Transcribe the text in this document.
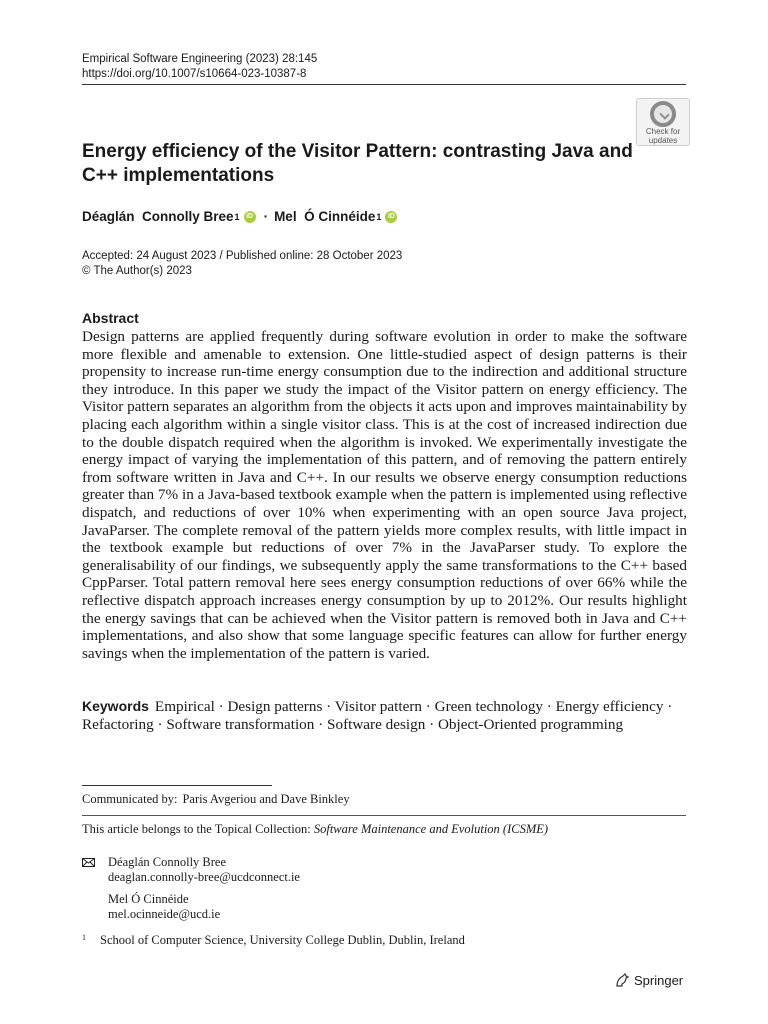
Empirical Software Engineering (2023) 28:145
https://doi.org/10.1007/s10664-023-10387-8
Check for
updates
Energy efficiency of the Visitor Pattern: contrasting Java and C++ implementations
Déaglán  Connolly Bree 1 iD · Mel  Ó Cinnéide 1 iD
Accepted: 24 August 2023 / Published online: 28 October 2023
© The Author(s) 2023
Abstract

Design patterns are applied frequently during software evolution in order to make the software more flexible and amenable to extension. One little-studied aspect of design patterns is their propensity to increase run-time energy consumption due to the indirection and additional structure they introduce. In this paper we study the impact of the Visitor pattern on energy efficiency. The Visitor pattern separates an algorithm from the objects it acts upon and improves maintainability by placing each algorithm within a single visitor class. This is at the cost of increased indirection due to the double dispatch required when the algorithm is invoked. We experimentally investigate the energy impact of varying the implementation of this pattern, and of removing the pattern entirely from software written in Java and C++. In our results we observe energy consumption reductions greater than 7% in a Java-based textbook example when the pattern is implemented using reflective dispatch, and reductions of over 10% when experimenting with an open source Java project, JavaParser. The complete removal of the pattern yields more complex results, with little impact in the textbook example but reductions of over 7% in the JavaParser study. To explore the generalisability of our findings, we subsequently apply the same transformations to the C++ based CppParser. Total pattern removal here sees energy consumption reductions of over 66% while the reflective dispatch approach increases energy consumption by up to 2012%. Our results highlight the energy savings that can be achieved when the Visitor pattern is removed both in Java and C++ implementations, and also show that some language specific features can allow for further energy savings when the implementation of the pattern is varied.

Keywords Empirical · Design patterns · Visitor pattern · Green technology · Energy efficiency · Refactoring · Software transformation · Software design · Object-Oriented programming

Communicated by: Paris Avgeriou and Dave Binkley
This article belongs to the Topical Collection: Software Maintenance and Evolution (ICSME)
Déaglán Connolly Bree
deaglan.connolly-bree@ucdconnect.ie
Mel Ó Cinnéide
mel.ocinneide@ucd.ie
$^1$ School of Computer Science, University College Dublin, Dublin, Ireland
Springer
